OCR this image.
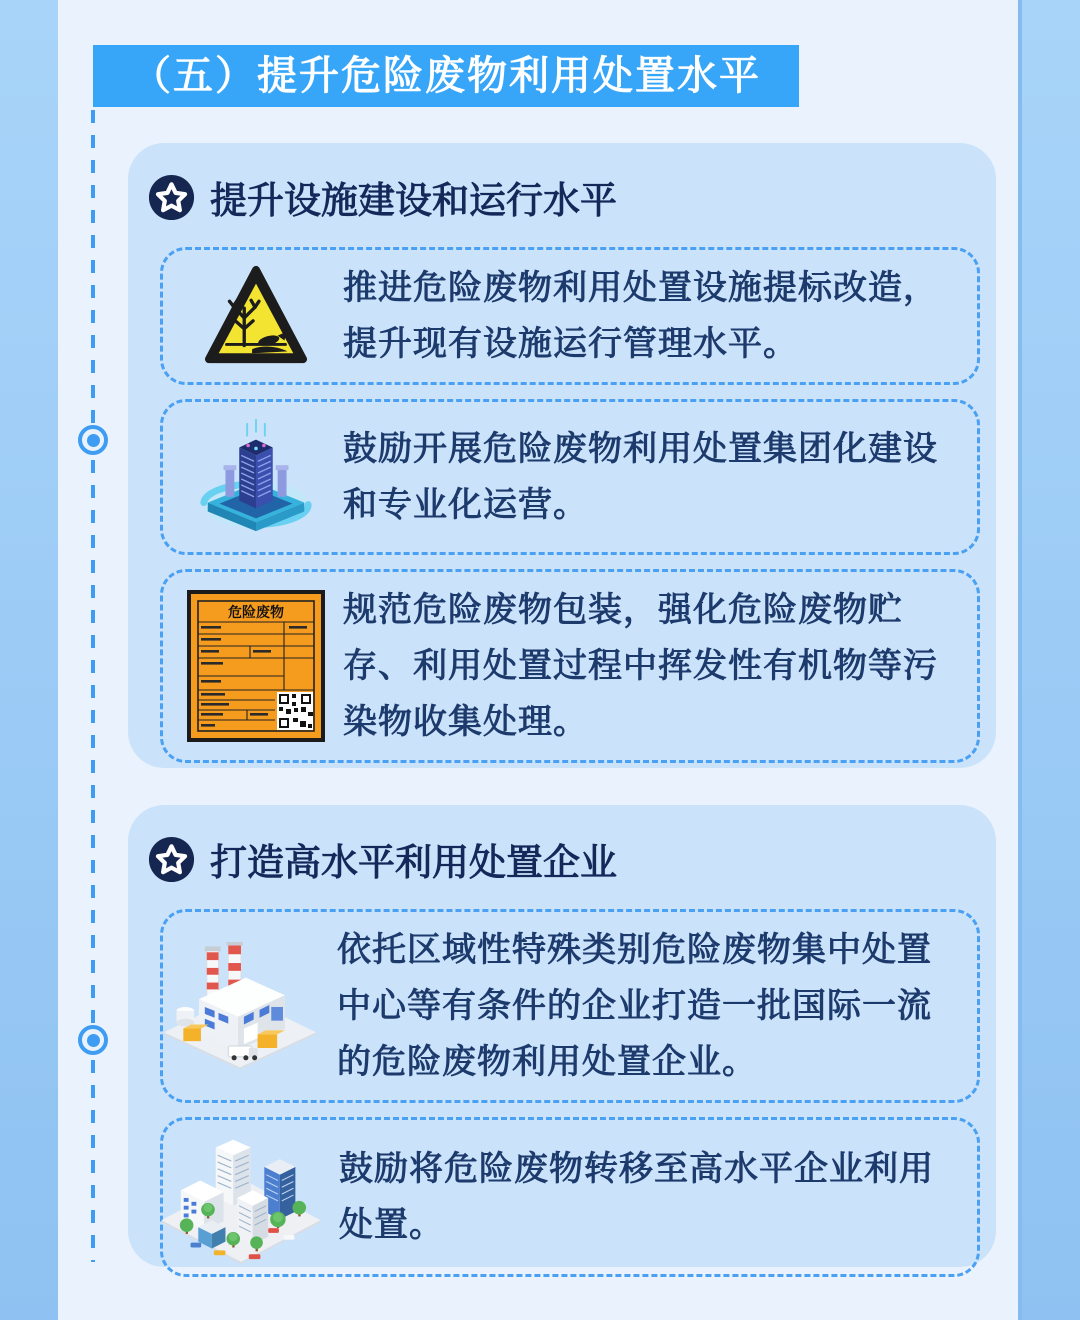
（五）提升危险废物利用处置水平
提升设施建设和运行水平
推进危险废物利用处置设施提标改造，提升现有设施运行管理水平。
鼓励开展危险废物利用处置集团化建设和专业化运营。
危险废物	规范危险废物包装，强化危险废物贮存、利用处置过程中挥发性有机物等污染物收集处理。
打造高水平利用处置企业
依托区域性特殊类别危险废物集中处置中心等有条件的企业打造一批国际一流的危险废物利用处置企业。
鼓励将危险废物转移至高水平企业利用处置。
